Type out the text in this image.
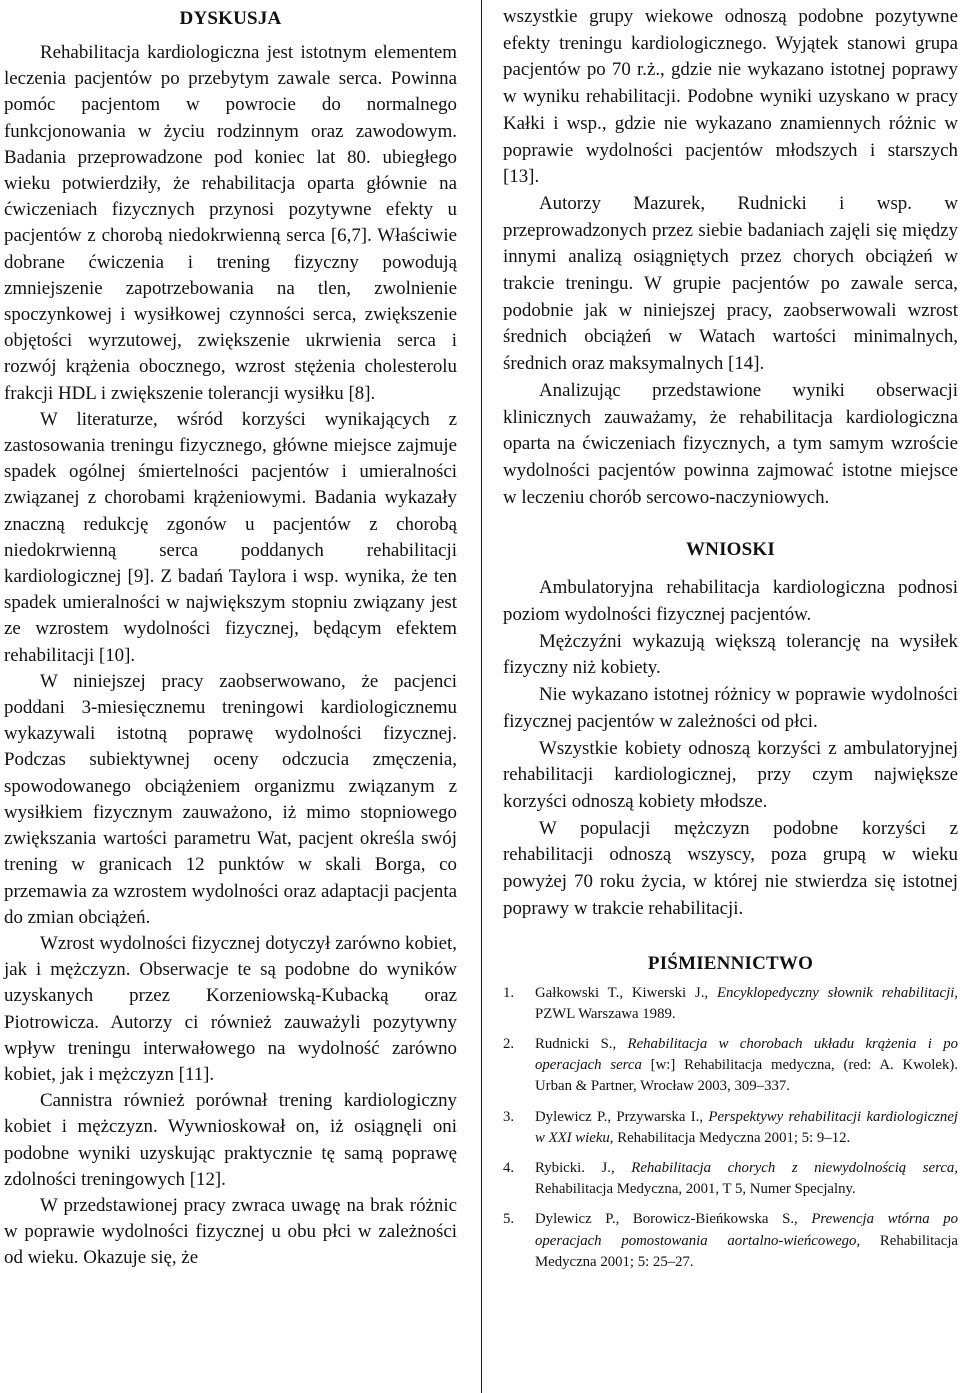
DYSKUSJA

Rehabilitacja kardiologiczna jest istotnym elementem leczenia pacjentów po przebytym zawale serca. Powinna pomóc pacjentom w powrocie do normalnego funkcjonowania w życiu rodzinnym oraz zawodowym. Badania przeprowadzone pod koniec lat 80. ubiegłego wieku potwierdziły, że rehabilitacja oparta głównie na ćwiczeniach fizycznych przynosi pozytywne efekty u pacjentów z chorobą niedokrwienną serca [6,7]. Właściwie dobrane ćwiczenia i trening fizyczny powodują zmniejszenie zapotrzebowania na tlen, zwolnienie spoczynkowej i wysiłkowej czynności serca, zwiększenie objętości wyrzutowej, zwiększenie ukrwienia serca i rozwój krążenia obocznego, wzrost stężenia cholesterolu frakcji HDL i zwiększenie tolerancji wysiłku [8].

W literaturze, wśród korzyści wynikających z zastosowania treningu fizycznego, główne miejsce zajmuje spadek ogólnej śmiertelności pacjentów i umieralności związanej z chorobami krążeniowymi. Badania wykazały znaczną redukcję zgonów u pacjentów z chorobą niedokrwienną serca poddanych rehabilitacji kardiologicznej [9]. Z badań Taylora i wsp. wynika, że ten spadek umieralności w największym stopniu związany jest ze wzrostem wydolności fizycznej, będącym efektem rehabilitacji [10].

W niniejszej pracy zaobserwowano, że pacjenci poddani 3-miesięcznemu treningowi kardiologicznemu wykazywali istotną poprawę wydolności fizycznej. Podczas subiektywnej oceny odczucia zmęczenia, spowodowanego obciążeniem organizmu związanym z wysiłkiem fizycznym zauważono, iż mimo stopniowego zwiększania wartości parametru Wat, pacjent określa swój trening w granicach 12 punktów w skali Borga, co przemawia za wzrostem wydolności oraz adaptacji pacjenta do zmian obciążeń.

Wzrost wydolności fizycznej dotyczył zarówno kobiet, jak i mężczyzn. Obserwacje te są podobne do wyników uzyskanych przez Korzeniowską-Kubacką oraz Piotrowicza. Autorzy ci również zauważyli pozytywny wpływ treningu interwałowego na wydolność zarówno kobiet, jak i mężczyzn [11].

Cannistra również porównał trening kardiologiczny kobiet i mężczyzn. Wywnioskował on, iż osiągnęli oni podobne wyniki uzyskując praktycznie tę samą poprawę zdolności treningowych [12].

W przedstawionej pracy zwraca uwagę na brak różnic w poprawie wydolności fizycznej u obu płci w zależności od wieku. Okazuje się, że

wszystkie grupy wiekowe odnoszą podobne pozytywne efekty treningu kardiologicznego. Wyjątek stanowi grupa pacjentów po 70 r.ż., gdzie nie wykazano istotnej poprawy w wyniku rehabilitacji. Podobne wyniki uzyskano w pracy Kałki i wsp., gdzie nie wykazano znamiennych różnic w poprawie wydolności pacjentów młodszych i starszych [13].

Autorzy Mazurek, Rudnicki i wsp. w przeprowadzonych przez siebie badaniach zajęli się między innymi analizą osiągniętych przez chorych obciążeń w trakcie treningu. W grupie pacjentów po zawale serca, podobnie jak w niniejszej pracy, zaobserwowali wzrost średnich obciążeń w Watach wartości minimalnych, średnich oraz maksymalnych [14].

Analizując przedstawione wyniki obserwacji klinicznych zauważamy, że rehabilitacja kardiologiczna oparta na ćwiczeniach fizycznych, a tym samym wzroście wydolności pacjentów powinna zajmować istotne miejsce w leczeniu chorób sercowo-naczyniowych.

WNIOSKI

Ambulatoryjna rehabilitacja kardiologiczna podnosi poziom wydolności fizycznej pacjentów.

Mężczyźni wykazują większą tolerancję na wysiłek fizyczny niż kobiety.

Nie wykazano istotnej różnicy w poprawie wydolności fizycznej pacjentów w zależności od płci.

Wszystkie kobiety odnoszą korzyści z ambulatoryjnej rehabilitacji kardiologicznej, przy czym największe korzyści odnoszą kobiety młodsze.

W populacji mężczyzn podobne korzyści z rehabilitacji odnoszą wszyscy, poza grupą w wieku powyżej 70 roku życia, w której nie stwierdza się istotnej poprawy w trakcie rehabilitacji.

PIŚMIENNICTWO
1. Gałkowski T., Kiwerski J., Encyklopedyczny słownik rehabilitacji, PZWL Warszawa 1989.
2. Rudnicki S., Rehabilitacja w chorobach układu krążenia i po operacjach serca [w:] Rehabilitacja medyczna, (red: A. Kwolek). Urban & Partner, Wrocław 2003, 309–337.
3. Dylewicz P., Przywarska I., Perspektywy rehabilitacji kardiologicznej w XXI wieku, Rehabilitacja Medyczna 2001; 5: 9–12.
4. Rybicki. J., Rehabilitacja chorych z niewydolnością serca, Rehabilitacja Medyczna, 2001, T 5, Numer Specjalny.
5. Dylewicz P., Borowicz-Bieńkowska S., Prewencja wtórna po operacjach pomostowania aortalno-wieńcowego, Rehabilitacja Medyczna 2001; 5: 25–27.
